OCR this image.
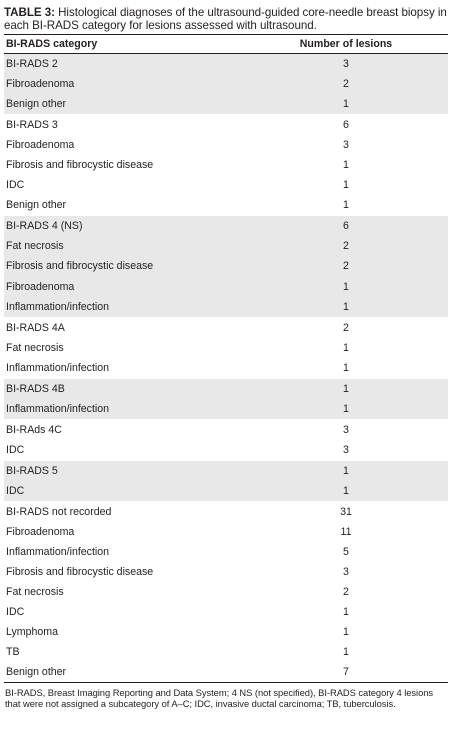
TABLE 3: Histological diagnoses of the ultrasound-guided core-needle breast biopsy in each BI-RADS category for lesions assessed with ultrasound.

BI-RADS category	Number of lesions
BI-RADS 2	3
Fibroadenoma	2
Benign other	1
BI-RADS 3	6
Fibroadenoma	3
Fibrosis and fibrocystic disease	1
IDC	1
Benign other	1
BI-RADS 4 (NS)	6
Fat necrosis	2
Fibrosis and fibrocystic disease	2
Fibroadenoma	1
Inflammation/infection	1
BI-RADS 4A	2
Fat necrosis	1
Inflammation/infection	1
BI-RADS 4B	1
Inflammation/infection	1
BI-RAds 4C	3
IDC	3
BI-RADS 5	1
IDC	1
BI-RADS not recorded	31
Fibroadenoma	11
Inflammation/infection	5
Fibrosis and fibrocystic disease	3
Fat necrosis	2
IDC	1
Lymphoma	1
TB	1
Benign other	7

BI-RADS, Breast Imaging Reporting and Data System; 4 NS (not specified), BI-RADS category 4 lesions that were not assigned a subcategory of A–C; IDC, invasive ductal carcinoma; TB, tuberculosis.
